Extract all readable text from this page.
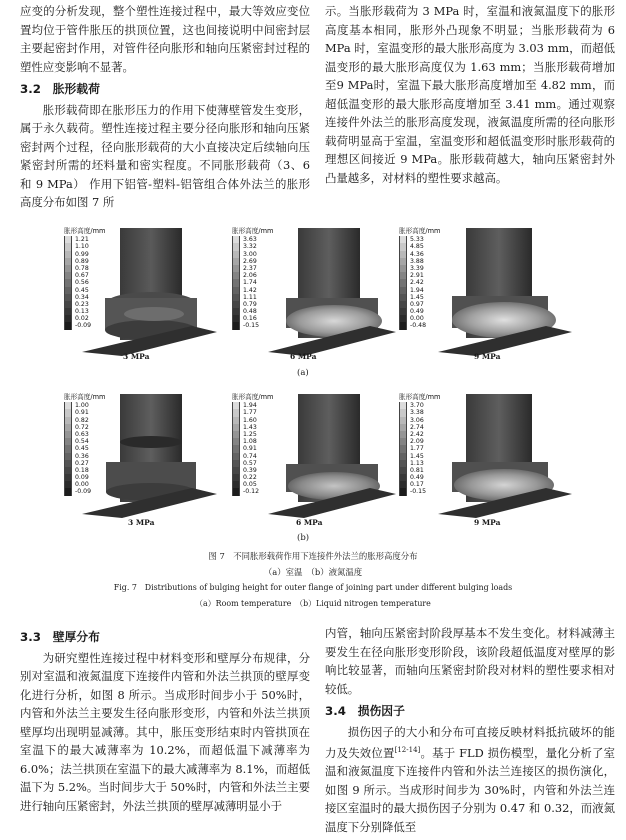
应变的分析发现，整个塑性连接过程中，最大等效应变位置均位于管件胀压的拱顶位置，这也间接说明中间密封层主要起密封作用，对管件径向胀形和轴向压紧密封过程的塑性应变影响不显著。

3.2　胀形载荷

胀形载荷即在胀形压力的作用下使薄壁管发生变形，属于永久载荷。塑性连接过程主要分径向胀形和轴向压紧密封两个过程，径向胀形载荷的大小直接决定后续轴向压紧密封所需的坯料量和密实程度。不同胀形载荷（3、6 和 9 MPa） 作用下铝管-塑料-铝管组合体外法兰的胀形高度分布如图 7 所

示。当胀形载荷为 3 MPa 时，室温和液氮温度下的胀形高度基本相同，胀形外凸现象不明显；当胀形载荷为 6 MPa 时，室温变形的最大胀形高度为 3.03 mm，而超低温变形的最大胀形高度仅为 1.63 mm；当胀形载荷增加至9 MPa时，室温下最大胀形高度增加至 4.82 mm，而超低温变形的最大胀形高度增加至 3.41 mm。通过观察连接件外法兰的胀形高度发现，液氮温度所需的径向胀形载荷明显高于室温，室温变形和超低温变形时胀形载荷的理想区间接近 9 MPa。胀形载荷越大，轴向压紧密封外凸量越多，对材料的塑性要求越高。

(a)
胀形高度/mm
1.21
1.10
0.99
0.89
0.78
0.67
0.56
0.45
0.34
0.23
0.13
0.02
-0.09
胀形高度/mm
3.63
3.32
3.00
2.69
2.37
2.06
1.74
1.42
1.11
0.79
0.48
0.16
-0.15
胀形高度/mm
5.33
4.85
4.36
3.88
3.39
2.91
2.42
1.94
1.45
0.97
0.49
0.00
-0.48
胀形高度/mm
1.00
0.91
0.82
0.72
0.63
0.54
0.45
0.36
0.27
0.18
0.09
0.00
-0.09
胀形高度/mm
1.94
1.77
1.60
1.43
1.25
1.08
0.91
0.74
0.57
0.39
0.22
0.05
-0.12
胀形高度/mm
3.70
3.38
3.06
2.74
2.42
2.09
1.77
1.45
1.13
0.81
0.49
0.17
-0.15
3 MPa	6 MPa	9 MPa
3 MPa	6 MPa	9 MPa
(b)
图 7　不同胀形载荷作用下连接件外法兰的胀形高度分布
（a）室温　（b）液氮温度
Fig. 7　Distributions of bulging height for outer flange of joining part under different bulging loads
（a）Room temperature　（b）Liquid nitrogen temperature
3.3　壁厚分布

为研究塑性连接过程中材料变形和壁厚分布规律，分别对室温和液氮温度下连接件内管和外法兰拱顶的壁厚变化进行分析，如图 8 所示。当成形时间步小于 50%时，内管和外法兰主要发生径向胀形变形，内管和外法兰拱顶壁厚均出现明显减薄。其中，胀压变形结束时内管拱顶在室温下的最大减薄率为 10.2%，而超低温下减薄率为 6.0%；法兰拱顶在室温下的最大减薄率为 8.1%，而超低温下为 5.2%。当时间步大于 50%时，内管和外法兰主要进行轴向压紧密封，外法兰拱顶的壁厚减薄明显小于

内管，轴向压紧密封阶段厚基本不发生变化。材料减薄主要发生在径向胀形变形阶段，该阶段超低温度对壁厚的影响比较显著，而轴向压紧密封阶段对材料的塑性要求相对较低。

3.4　损伤因子

损伤因子的大小和分布可直接反映材料抵抗破坏的能力及失效位置[12-14]。基于 FLD 损伤模型，量化分析了室温和液氮温度下连接件内管和外法兰连接区的损伤演化，如图 9 所示。当成形时间步为 30%时，内管和外法兰连接区室温时的最大损伤因子分别为 0.47 和 0.32，而液氮温度下分别降低至
